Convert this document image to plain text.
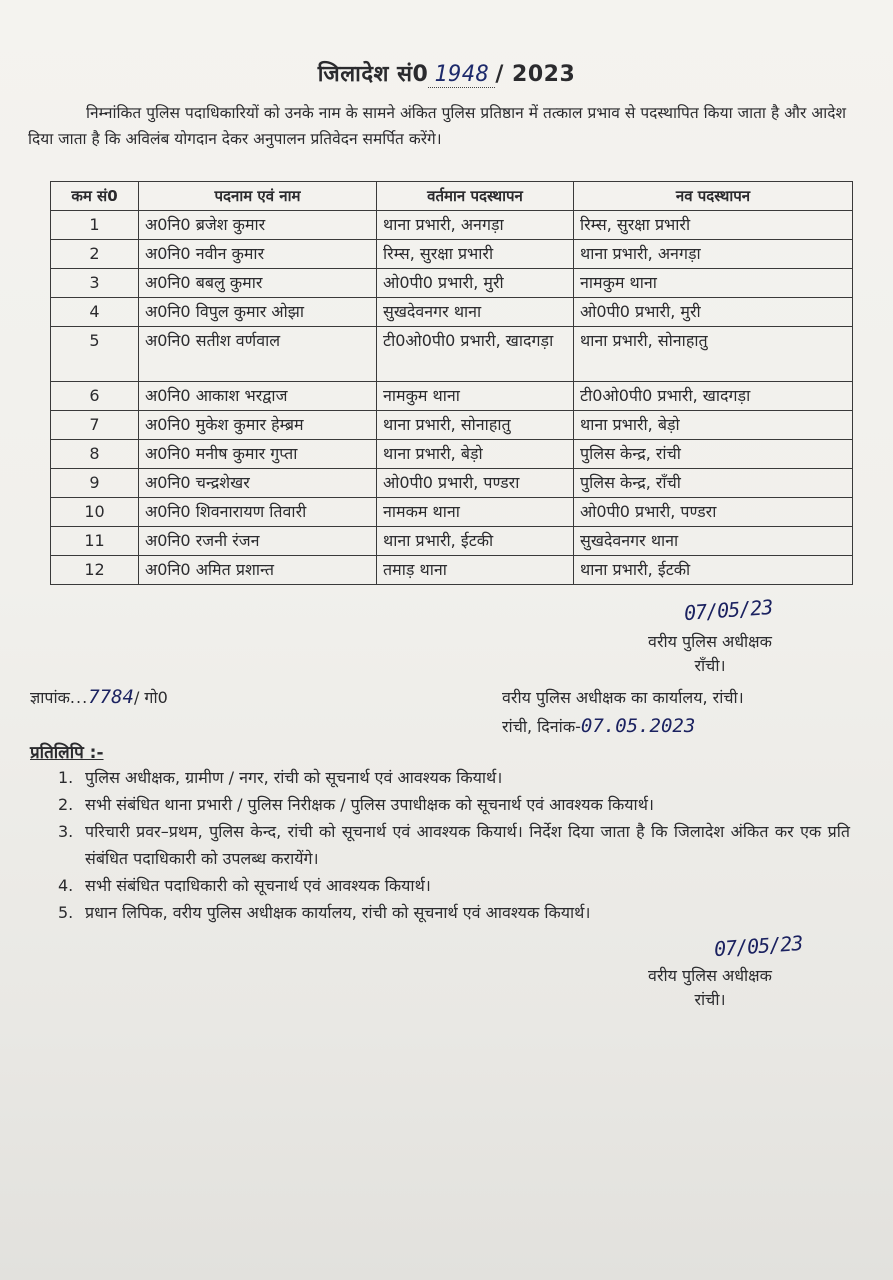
जिलादेश सं0 1948 / 2023
निम्नांकित पुलिस पदाधिकारियों को उनके नाम के सामने अंकित पुलिस प्रतिष्ठान में तत्काल प्रभाव से पदस्थापित किया जाता है और आदेश दिया जाता है कि अविलंब योगदान देकर अनुपालन प्रतिवेदन समर्पित करेंगे।
कम सं0	पदनाम एवं नाम	वर्तमान पदस्थापन	नव पदस्थापन
1	अ0नि0 ब्रजेश कुमार	थाना प्रभारी, अनगड़ा	रिम्स, सुरक्षा प्रभारी
2	अ0नि0 नवीन कुमार	रिम्स, सुरक्षा प्रभारी	थाना प्रभारी, अनगड़ा
3	अ0नि0 बबलु कुमार	ओ0पी0 प्रभारी, मुरी	नामकुम थाना
4	अ0नि0 विपुल कुमार ओझा	सुखदेवनगर थाना	ओ0पी0 प्रभारी, मुरी
5	अ0नि0 सतीश वर्णवाल	टी0ओ0पी0 प्रभारी, खादगड़ा	थाना प्रभारी, सोनाहातु
6	अ0नि0 आकाश भरद्वाज	नामकुम थाना	टी0ओ0पी0 प्रभारी, खादगड़ा
7	अ0नि0 मुकेश कुमार हेम्ब्रम	थाना प्रभारी, सोनाहातु	थाना प्रभारी, बेड़ो
8	अ0नि0 मनीष कुमार गुप्ता	थाना प्रभारी, बेड़ो	पुलिस केन्द्र, रांची
9	अ0नि0 चन्द्रशेखर	ओ0पी0 प्रभारी, पण्डरा	पुलिस केन्द्र, राँची
10	अ0नि0 शिवनारायण तिवारी	नामकम थाना	ओ0पी0 प्रभारी, पण्डरा
11	अ0नि0 रजनी रंजन	थाना प्रभारी, ईटकी	सुखदेवनगर थाना
12	अ0नि0 अमित प्रशान्त	तमाड़ थाना	थाना प्रभारी, ईटकी
07/05/23
वरीय पुलिस अधीक्षक
राँची।
ज्ञापांक...7784/ गो0	वरीय पुलिस अधीक्षक का कार्यालय, रांची।
रांची, दिनांक-07.05.2023
प्रतिलिपि :-
1. पुलिस अधीक्षक, ग्रामीण / नगर, रांची को सूचनार्थ एवं आवश्यक कियार्थ।
2. सभी संबंधित थाना प्रभारी / पुलिस निरीक्षक / पुलिस उपाधीक्षक को सूचनार्थ एवं आवश्यक कियार्थ।
3. परिचारी प्रवर–प्रथम, पुलिस केन्द, रांची को सूचनार्थ एवं आवश्यक कियार्थ। निर्देश दिया जाता है कि जिलादेश अंकित कर एक प्रति संबंधित पदाधिकारी को उपलब्ध करायेंगे।
4. सभी संबंधित पदाधिकारी को सूचनार्थ एवं आवश्यक कियार्थ।
5. प्रधान लिपिक, वरीय पुलिस अधीक्षक कार्यालय, रांची को सूचनार्थ एवं आवश्यक कियार्थ।
07/05/23
वरीय पुलिस अधीक्षक
रांची।
